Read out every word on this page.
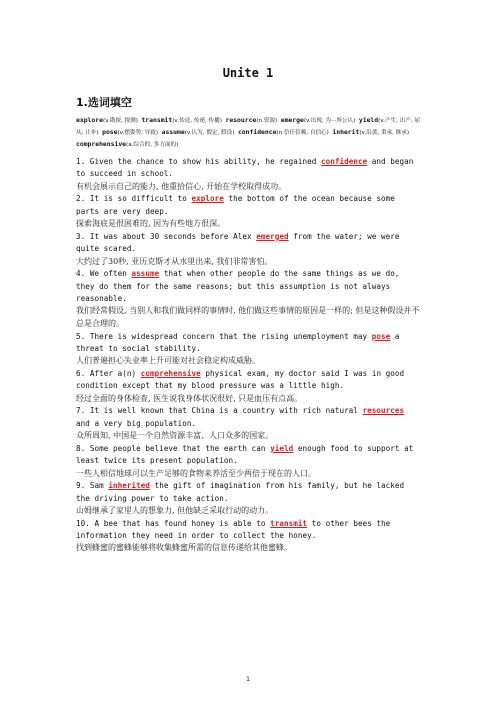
Unite 1
1.选词填空
explore(v.勘探, 探测) transmit(v.传送, 传递, 传播) resource(n.资源) emerge(v.出现, 为···所公认) yield(v.产生, 出产, 屈从, 让步) pose(v.摆姿势, 导致) assume(v.认为, 假定, 假设) confidence(n.信任信赖, 自信心) inherit(v.沿袭, 秉承, 继承)  comprehensive(a.综合的, 多方面的)
1. Given the chance to show his ability, he regained confidence and began to succeed in school.
有机会展示自己的能力, 他重拾信心, 开始在学校取得成功。
2. It is so difficult to explore the bottom of the ocean because some parts are very deep.
探索海底是很困难的, 因为有些地方很深。
3. It was about 30 seconds before Alex emerged from the water; we were quite scared.
大约过了30秒, 亚历克斯才从水里出来, 我们非常害怕。
4. We often assume that when other people do the same things as we do, they do them for the same reasons; but this assumption is not always reasonable.
我们经常假设, 当别人和我们做同样的事情时, 他们做这些事情的原因是一样的; 但是这种假设并不总是合理的。
5. There is widespread concern that the rising unemployment may pose a threat to social stability.
人们普遍担心失业率上升可能对社会稳定构成威胁。
6. After a(n) comprehensive physical exam, my doctor said I was in good condition except that my blood pressure was a little high.
经过全面的身体检查, 医生说我身体状况很好, 只是血压有点高。
7. It is well known that China is a country with rich natural resources and a very big population.
众所周知, 中国是一个自然资源丰富、人口众多的国家。
8. Some people believe that the earth can yield enough food to support at least twice its present population.
一些人相信地球可以生产足够的食物来养活至少两倍于现在的人口。
9. Sam inherited the gift of imagination from his family, but he lacked the driving power to take action.
山姆继承了家里人的想象力, 但他缺乏采取行动的动力。
10. A bee that has found honey is able to transmit to other bees the information they need in order to collect the honey.
找到蜂蜜的蜜蜂能够将收集蜂蜜所需的信息传递给其他蜜蜂。
1
